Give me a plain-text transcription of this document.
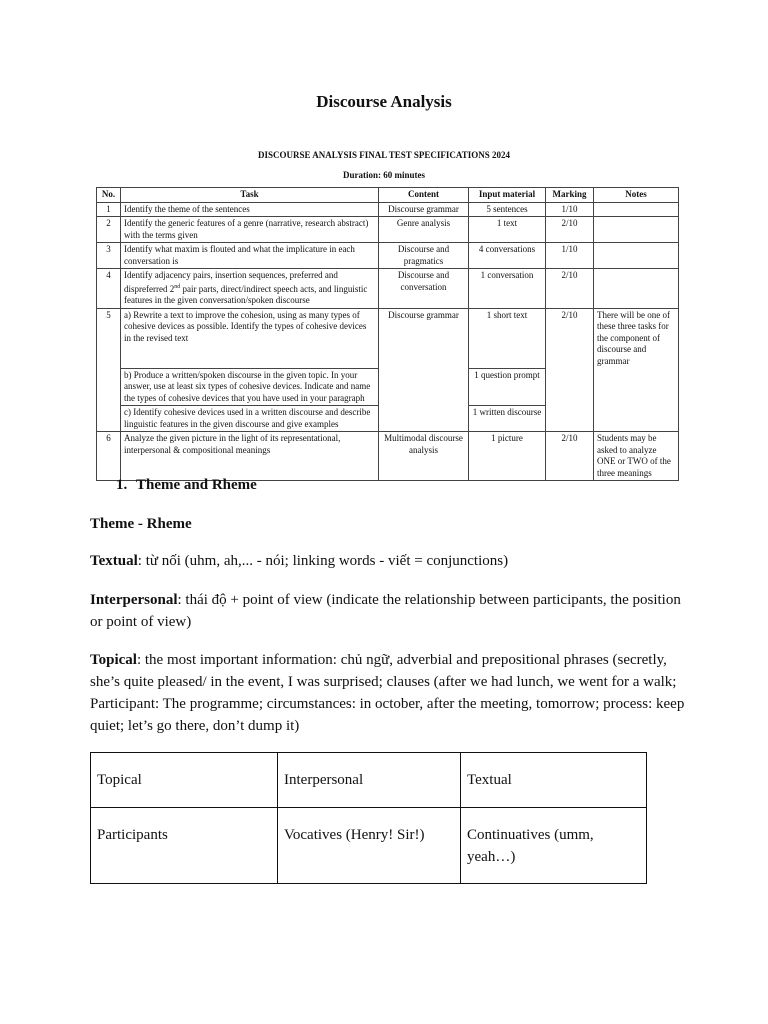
Discourse Analysis
DISCOURSE ANALYSIS FINAL TEST SPECIFICATIONS 2024
Duration: 60 minutes
No.	Task	Content	Input material	Marking	Notes
1	Identify the theme of the sentences	Discourse grammar	5 sentences	1/10	
2	Identify the generic features of a genre (narrative, research abstract) with the terms given	Genre analysis	1 text	2/10	
3	Identify what maxim is flouted and what the implicature in each conversation is	Discourse and pragmatics	4 conversations	1/10	
4	Identify adjacency pairs, insertion sequences, preferred and dispreferred 2nd pair parts, direct/indirect speech acts, and linguistic features in the given conversation/spoken discourse	Discourse and conversation	1 conversation	2/10	
5	a) Rewrite a text to improve the cohesion, using as many types of cohesive devices as possible. Identify the types of cohesive devices in the revised text	Discourse grammar	1 short text	2/10	There will be one of these three tasks for the component of discourse and grammar
	b) Produce a written/spoken discourse in the given topic. In your answer, use at least six types of cohesive devices. Indicate and name the types of cohesive devices that you have used in your paragraph		1 question prompt		
	c) Identify cohesive devices used in a written discourse and describe linguistic features in the given discourse and give examples		1 written discourse		
6	Analyze the given picture in the light of its representational, interpersonal & compositional meanings	Multimodal discourse analysis	1 picture	2/10	Students may be asked to analyze ONE or TWO of the three meanings
1. Theme and Rheme
Theme - Rheme
Textual: từ nối (uhm, ah,... - nói; linking words - viết = conjunctions)
Interpersonal: thái độ + point of view (indicate the relationship between participants, the position or point of view)
Topical: the most important information: chủ ngữ, adverbial and prepositional phrases (secretly, she’s quite pleased/ in the event, I was surprised; clauses (after we had lunch, we went for a walk; Participant: The programme; circumstances: in october, after the meeting, tomorrow; process: keep quiet; let’s go there, don’t dump it)
Topical	Interpersonal	Textual
Participants	Vocatives (Henry! Sir!)	Continuatives (umm, yeah…)
